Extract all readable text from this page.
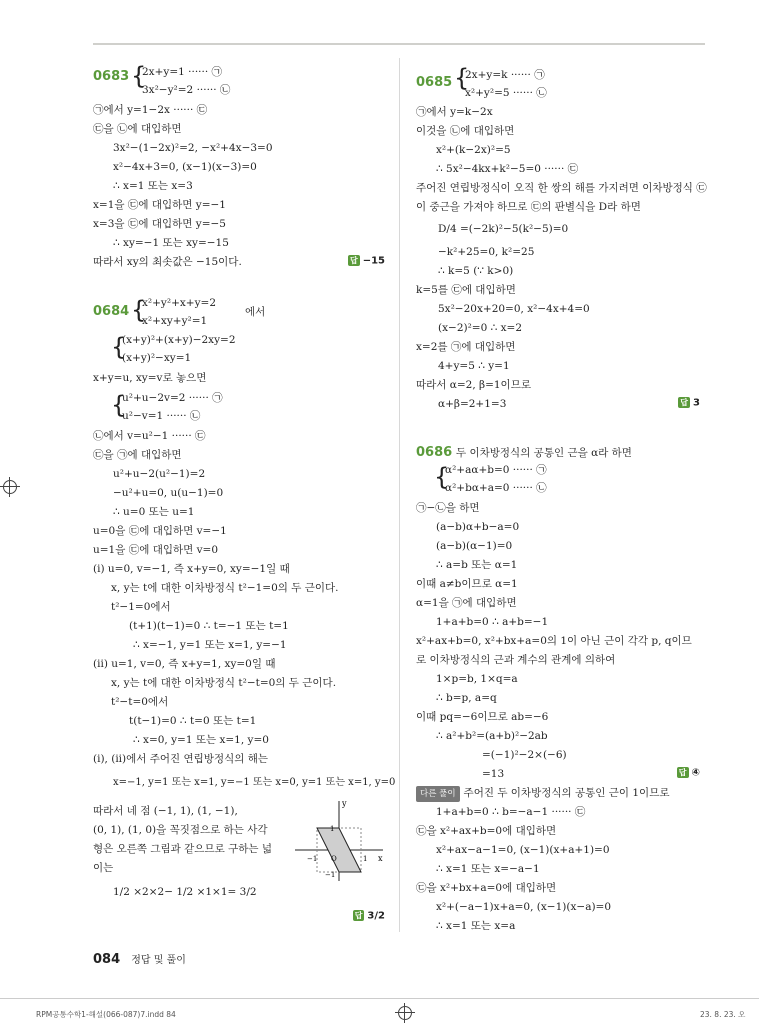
0683 {
2x+y=1 ······ ㉠
3x²−y²=2 ······ ㉡
㉠에서 y=1−2x ······ ㉢
㉢을 ㉡에 대입하면
3x²−(1−2x)²=2, −x²+4x−3=0
x²−4x+3=0, (x−1)(x−3)=0
∴ x=1 또는 x=3
x=1을 ㉢에 대입하면 y=−1
x=3을 ㉢에 대입하면 y=−5
∴ xy=−1 또는 xy=−15
따라서 xy의 최솟값은 −15이다.	답 −15
0684 {
x²+y²+x+y=2
x²+xy+y²=1
에서
{
(x+y)²+(x+y)−2xy=2
(x+y)²−xy=1
x+y=u, xy=v로 놓으면
{
u²+u−2v=2 ······ ㉠
u²−v=1 ······ ㉡
㉡에서 v=u²−1 ······ ㉢
㉢을 ㉠에 대입하면
u²+u−2(u²−1)=2
−u²+u=0, u(u−1)=0
∴ u=0 또는 u=1
u=0을 ㉢에 대입하면 v=−1
u=1을 ㉢에 대입하면 v=0
(i) u=0, v=−1, 즉 x+y=0, xy=−1일 때
x, y는 t에 대한 이차방정식 t²−1=0의 두 근이다.
t²−1=0에서
(t+1)(t−1)=0 ∴ t=−1 또는 t=1
∴ x=−1, y=1 또는 x=1, y=−1
(ii) u=1, v=0, 즉 x+y=1, xy=0일 때
x, y는 t에 대한 이차방정식 t²−t=0의 두 근이다.
t²−t=0에서
t(t−1)=0 ∴ t=0 또는 t=1
∴ x=0, y=1 또는 x=1, y=0
(i), (ii)에서 주어진 연립방정식의 해는
x=−1, y=1 또는 x=1, y=−1 또는 x=0, y=1 또는 x=1, y=0
따라서 네 점 (−1, 1), (1, −1),
(0, 1), (1, 0)을 꼭짓점으로 하는 사각
형은 오른쪽 그림과 같으므로 구하는 넓
이는
1/2 ×2×2− 1/2 ×1×1= 3/2
답 3/2
x
y
O
−1	1
1
−1
0685 {
2x+y=k ······ ㉠
x²+y²=5 ······ ㉡
㉠에서 y=k−2x
이것을 ㉡에 대입하면
x²+(k−2x)²=5
∴ 5x²−4kx+k²−5=0 ······ ㉢
주어진 연립방정식이 오직 한 쌍의 해를 가지려면 이차방정식 ㉢
이 중근을 가져야 하므로 ㉢의 판별식을 D라 하면
D/4 =(−2k)²−5(k²−5)=0
−k²+25=0, k²=25
∴ k=5 (∵ k>0)
k=5를 ㉢에 대입하면
5x²−20x+20=0, x²−4x+4=0
(x−2)²=0 ∴ x=2
x=2를 ㉠에 대입하면
4+y=5 ∴ y=1
따라서 α=2, β=1이므로
α+β=2+1=3	답 3
0686 두 이차방정식의 공통인 근을 α라 하면
{
α²+aα+b=0 ······ ㉠
α²+bα+a=0 ······ ㉡
㉠−㉡을 하면
(a−b)α+b−a=0
(a−b)(α−1)=0
∴ a=b 또는 α=1
이때 a≠b이므로 α=1
α=1을 ㉠에 대입하면
1+a+b=0 ∴ a+b=−1
x²+ax+b=0, x²+bx+a=0의 1이 아닌 근이 각각 p, q이므
로 이차방정식의 근과 계수의 관계에 의하여
1×p=b, 1×q=a
∴ b=p, a=q
이때 pq=−6이므로 ab=−6
∴ a²+b²=(a+b)²−2ab
=(−1)²−2×(−6)
=13	답 ④
다른 풀이 주어진 두 이차방정식의 공통인 근이 1이므로
1+a+b=0 ∴ b=−a−1 ······ ㉢
㉢을 x²+ax+b=0에 대입하면
x²+ax−a−1=0, (x−1)(x+a+1)=0
∴ x=1 또는 x=−a−1
㉢을 x²+bx+a=0에 대입하면
x²+(−a−1)x+a=0, (x−1)(x−a)=0
∴ x=1 또는 x=a
084 정답 및 풀이
RPM공통수학1-해설(066-087)7.indd 84	23. 8. 23. 오
